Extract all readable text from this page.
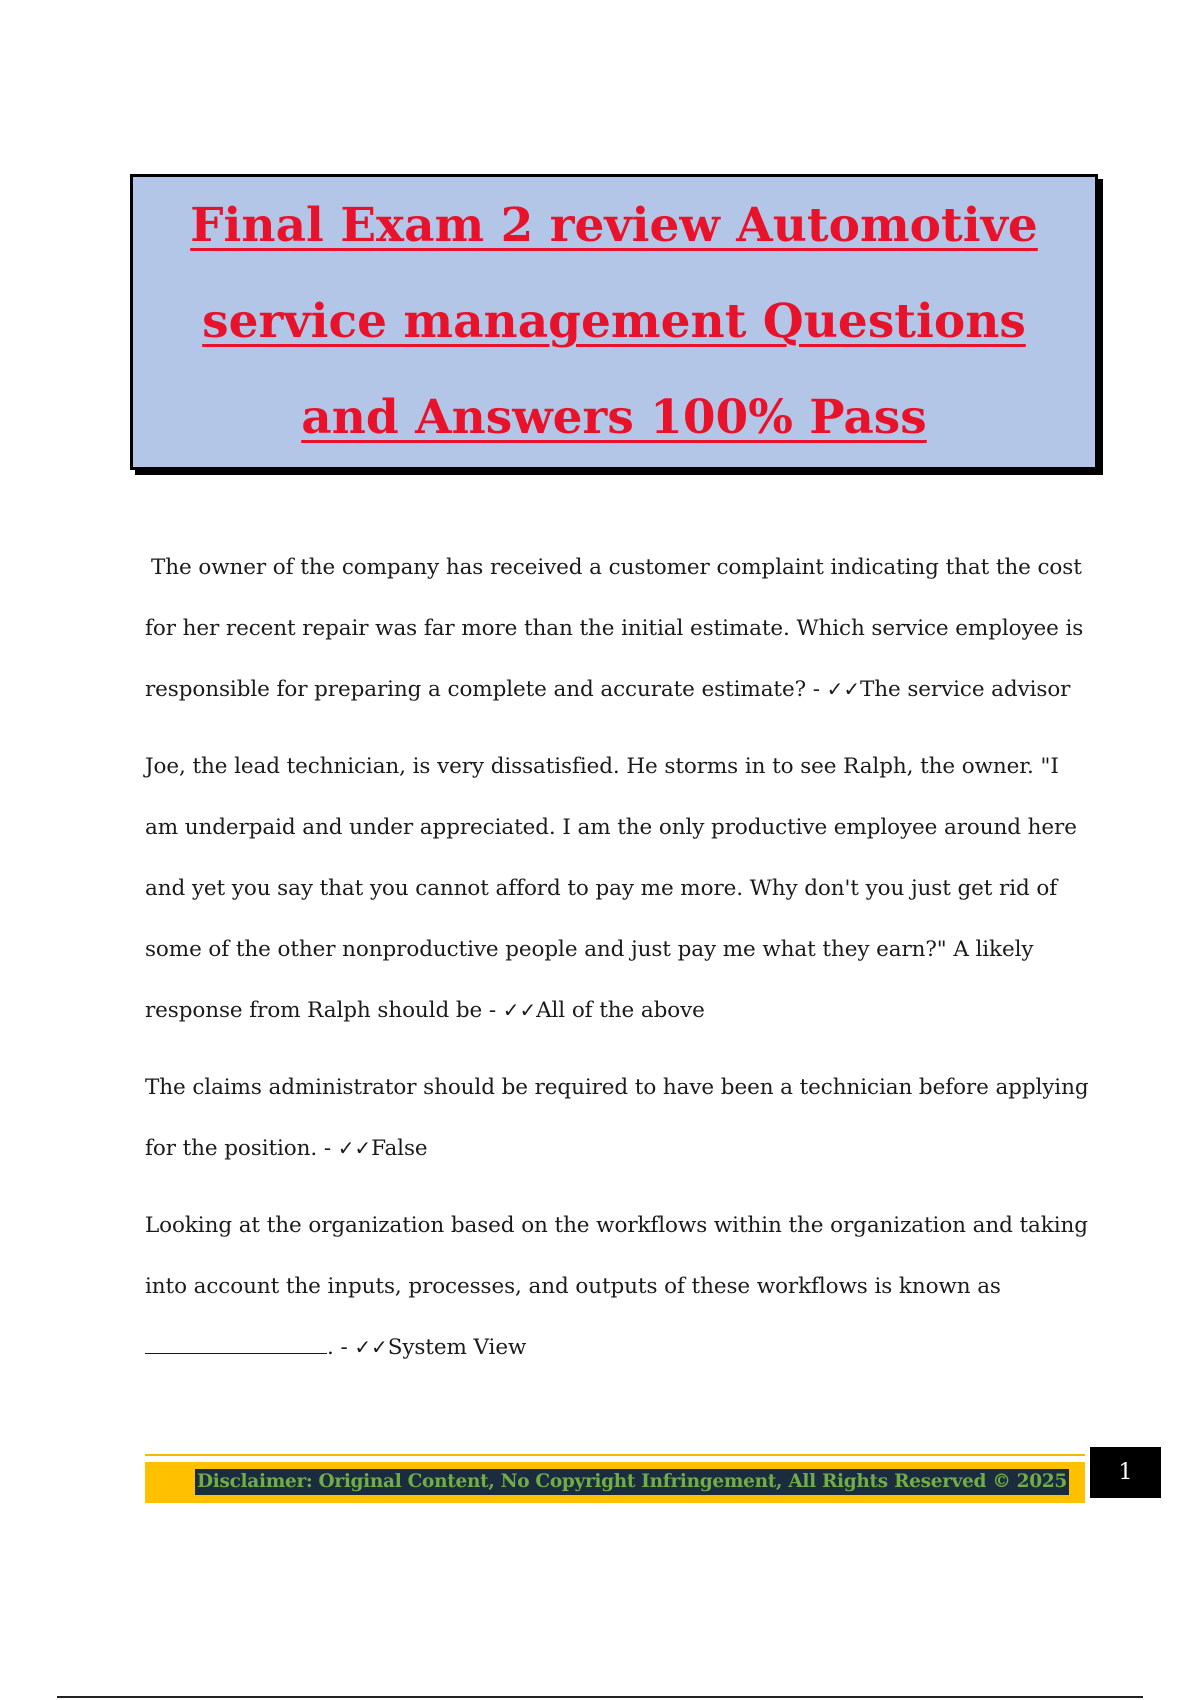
Final Exam 2 review Automotive service management Questions and Answers 100% Pass

The owner of the company has received a customer complaint indicating that the cost for her recent repair was far more than the initial estimate. Which service employee is responsible for preparing a complete and accurate estimate? - ✓✓The service advisor

Joe, the lead technician, is very dissatisfied. He storms in to see Ralph, the owner. "I am underpaid and under appreciated. I am the only productive employee around here and yet you say that you cannot afford to pay me more. Why don't you just get rid of some of the other nonproductive people and just pay me what they earn?" A likely response from Ralph should be - ✓✓All of the above

The claims administrator should be required to have been a technician before applying for the position. - ✓✓False

Looking at the organization based on the workflows within the organization and taking into account the inputs, processes, and outputs of these workflows is known as
. - ✓✓System View

Disclaimer: Original Content, No Copyright Infringement, All Rights Reserved © 2025	1
